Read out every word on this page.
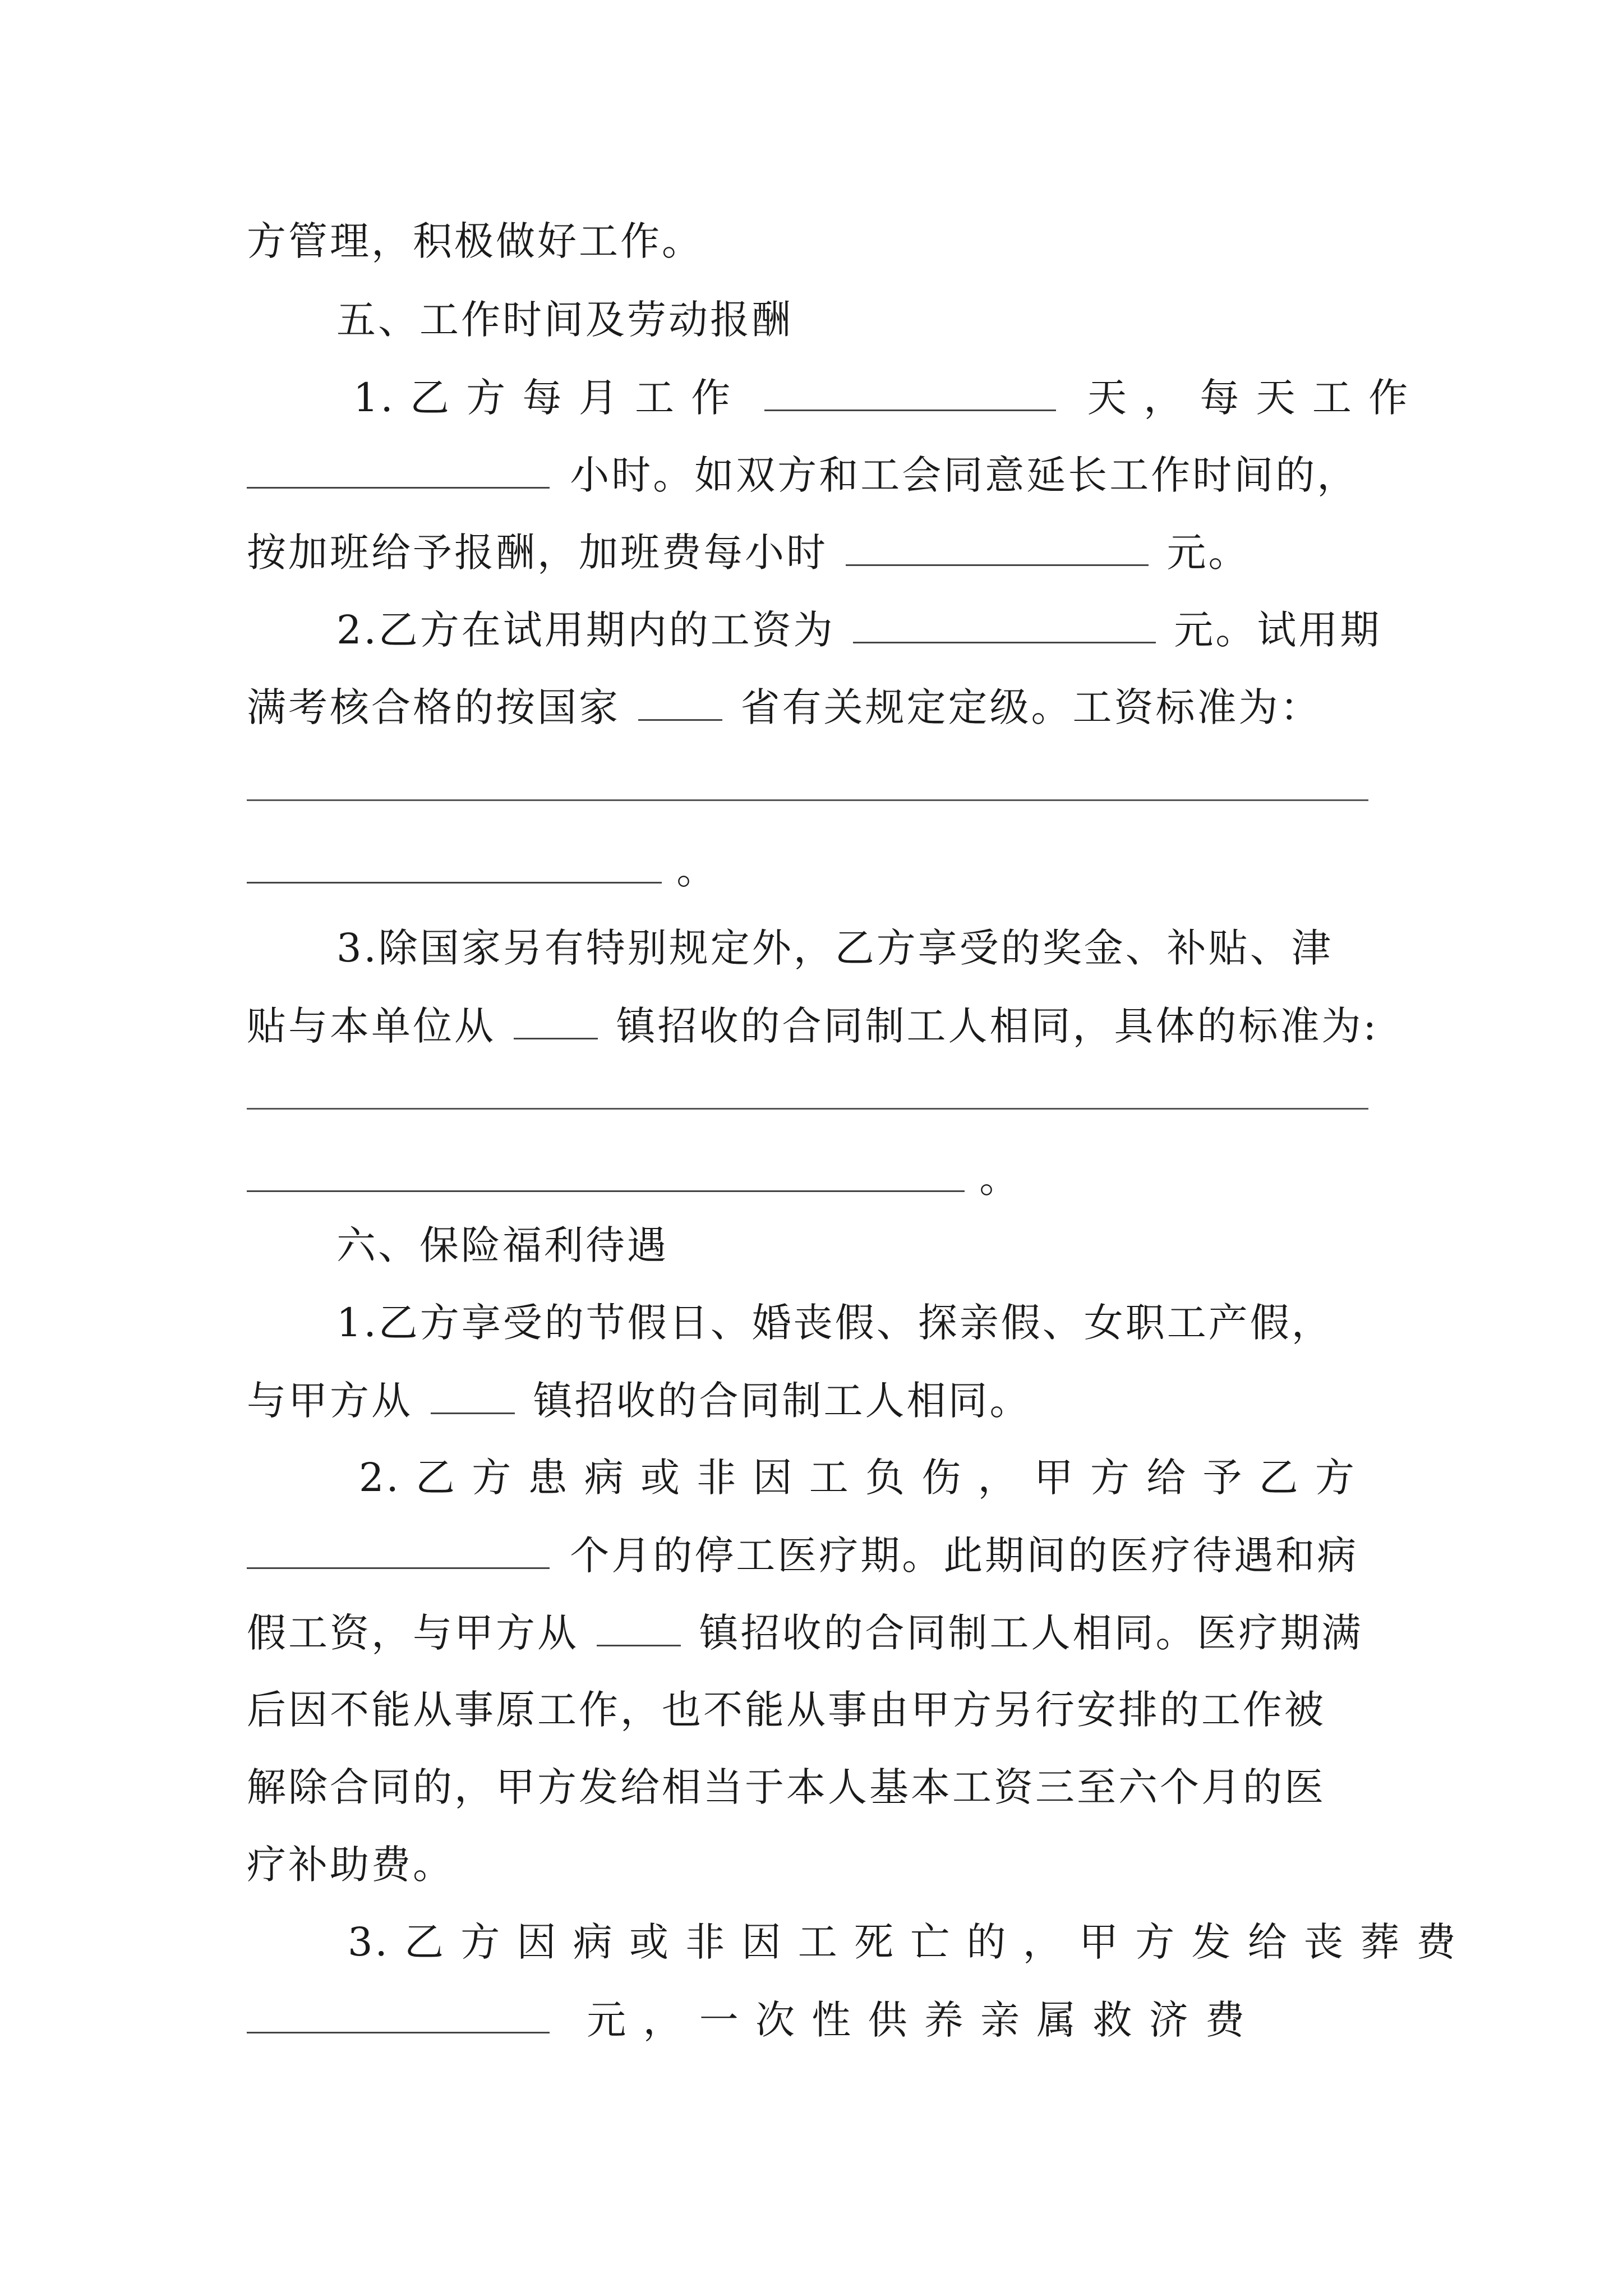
方管理，积极做好工作。
五、工作时间及劳动报酬
1. 乙 方 每 月 工 作	天 ， 每 天 工 作
小时。如双方和工会同意延长工作时间的，
按加班给予报酬，加班费每小时	元。
2.乙方在试用期内的工资为	元。试用期
满考核合格的按国家	省有关规定定级。工资标准为：
。
3.除国家另有特别规定外，乙方享受的奖金、补贴、津
贴与本单位从	镇招收的合同制工人相同，具体的标准为:
。
六、保险福利待遇
1.乙方享受的节假日、婚丧假、探亲假、女职工产假，
与甲方从	镇招收的合同制工人相同。
2. 乙 方 患 病 或 非 因 工 负 伤 ， 甲 方 给 予 乙 方
个月的停工医疗期。此期间的医疗待遇和病
假工资，与甲方从	镇招收的合同制工人相同。医疗期满
后因不能从事原工作，也不能从事由甲方另行安排的工作被
解除合同的，甲方发给相当于本人基本工资三至六个月的医
疗补助费。
3. 乙 方 因 病 或 非 因 工 死 亡 的 ， 甲 方 发 给 丧 葬 费
元 ， 一 次 性 供 养 亲 属 救 济 费
